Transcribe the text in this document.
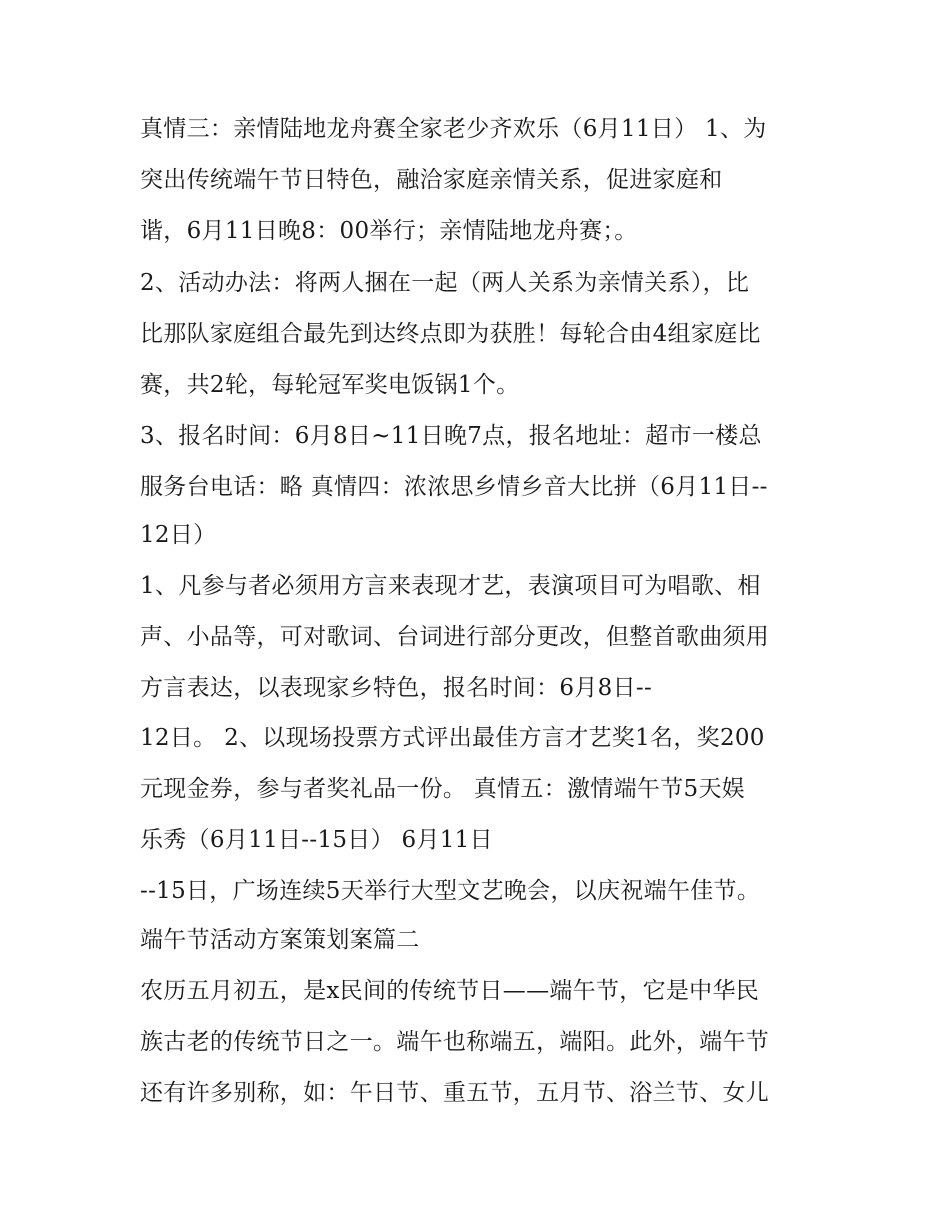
真情三：亲情陆地龙舟赛全家老少齐欢乐（6月11日） 1、为
突出传统端午节日特色，融洽家庭亲情关系，促进家庭和
谐，6月11日晚8：00举行；亲情陆地龙舟赛；。
2、活动办法：将两人捆在一起（两人关系为亲情关系），比
比那队家庭组合最先到达终点即为获胜！每轮合由4组家庭比
赛，共2轮，每轮冠军奖电饭锅1个。
3、报名时间：6月8日~11日晚7点，报名地址：超市一楼总
服务台电话：略 真情四：浓浓思乡情乡音大比拼（6月11日--
12日）
1、凡参与者必须用方言来表现才艺，表演项目可为唱歌、相
声、小品等，可对歌词、台词进行部分更改，但整首歌曲须用
方言表达，以表现家乡特色，报名时间：6月8日--
12日。 2、以现场投票方式评出最佳方言才艺奖1名，奖200
元现金券，参与者奖礼品一份。 真情五：激情端午节5天娱
乐秀（6月11日--15日） 6月11日
--15日，广场连续5天举行大型文艺晚会，以庆祝端午佳节。
端午节活动方案策划案篇二
农历五月初五，是x民间的传统节日——端午节，它是中华民
族古老的传统节日之一。端午也称端五，端阳。此外，端午节
还有许多别称，如：午日节、重五节，五月节、浴兰节、女儿
